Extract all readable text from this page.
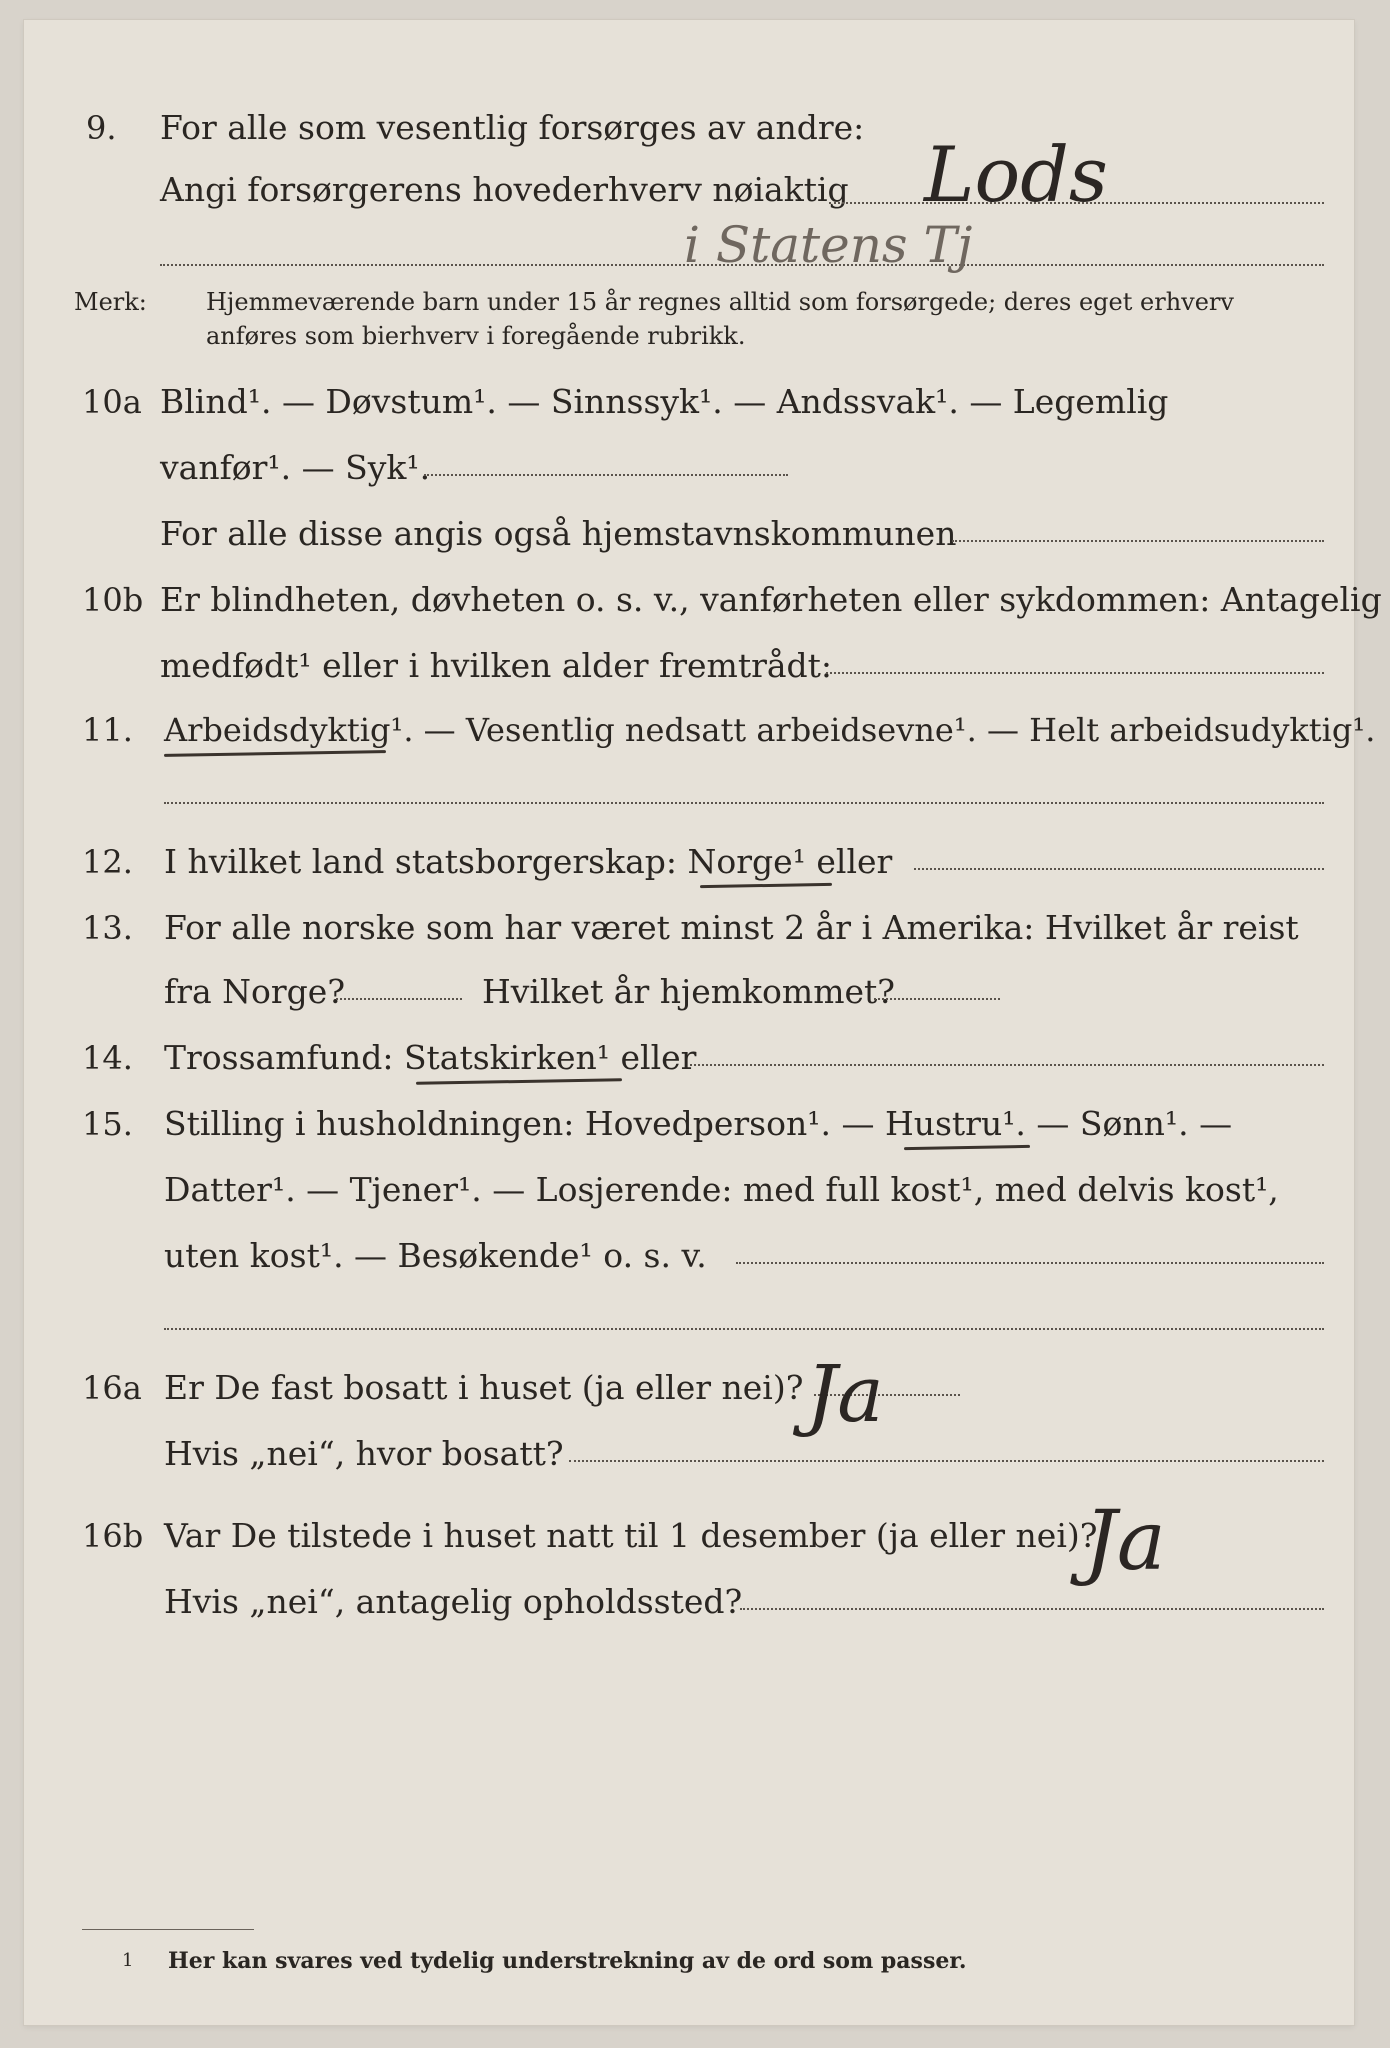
9. For alle som vesentlig forsørges av andre:
Angi forsørgerens hovederhverv nøiaktig Lods
i Statens Tj
Merk: Hjemmeværende barn under 15 år regnes alltid som forsørgede; deres eget erhverv
anføres som bierhverv i foregående rubrikk.
10a Blind¹. — Døvstum¹. — Sinnssyk¹. — Andssvak¹. — Legemlig
vanfør¹. — Syk¹.
For alle disse angis også hjemstavnskommunen
10b Er blindheten, døvheten o. s. v., vanførheten eller sykdommen: Antagelig
medfødt¹ eller i hvilken alder fremtrådt:
11. Arbeidsdyktig¹. — Vesentlig nedsatt arbeidsevne¹. — Helt arbeidsudyktig¹.
12. I hvilket land statsborgerskap: Norge¹ eller
13. For alle norske som har været minst 2 år i Amerika: Hvilket år reist
fra Norge?	Hvilket år hjemkommet?
14. Trossamfund: Statskirken¹ eller
15. Stilling i husholdningen: Hovedperson¹. — Hustru¹. — Sønn¹. —
Datter¹. — Tjener¹. — Losjerende: med full kost¹, med delvis kost¹,
uten kost¹. — Besøkende¹ o. s. v.
16a Er De fast bosatt i huset (ja eller nei)? Ja
Hvis „nei“, hvor bosatt?
16b Var De tilstede i huset natt til 1 desember (ja eller nei)?
Ja
Hvis „nei“, antagelig opholdssted?
1 Her kan svares ved tydelig understrekning av de ord som passer.
